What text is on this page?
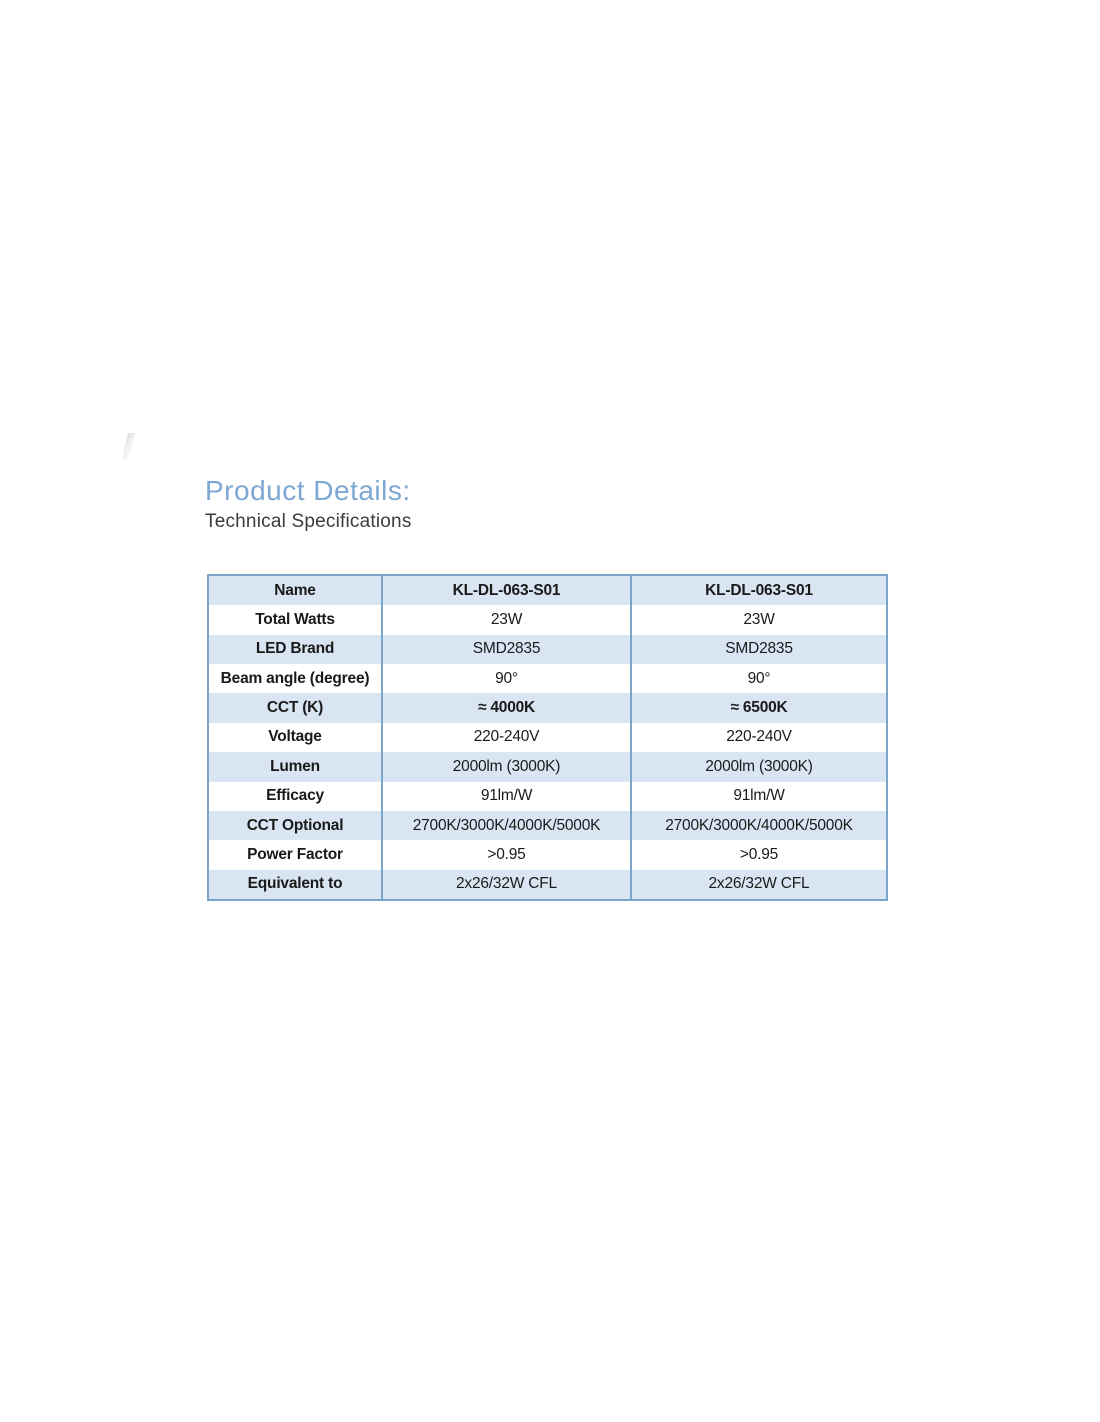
Product Details:
Technical Specifications
Name	KL-DL-063-S01	KL-DL-063-S01
Total Watts	23W	23W
LED Brand	SMD2835	SMD2835
Beam angle (degree)	90°	90°
CCT (K)	≈ 4000K	≈ 6500K
Voltage	220-240V	220-240V
Lumen	2000lm (3000K)	2000lm (3000K)
Efficacy	91lm/W	91lm/W
CCT Optional	2700K/3000K/4000K/5000K	2700K/3000K/4000K/5000K
Power Factor	>0.95	>0.95
Equivalent to	2x26/32W CFL	2x26/32W CFL
